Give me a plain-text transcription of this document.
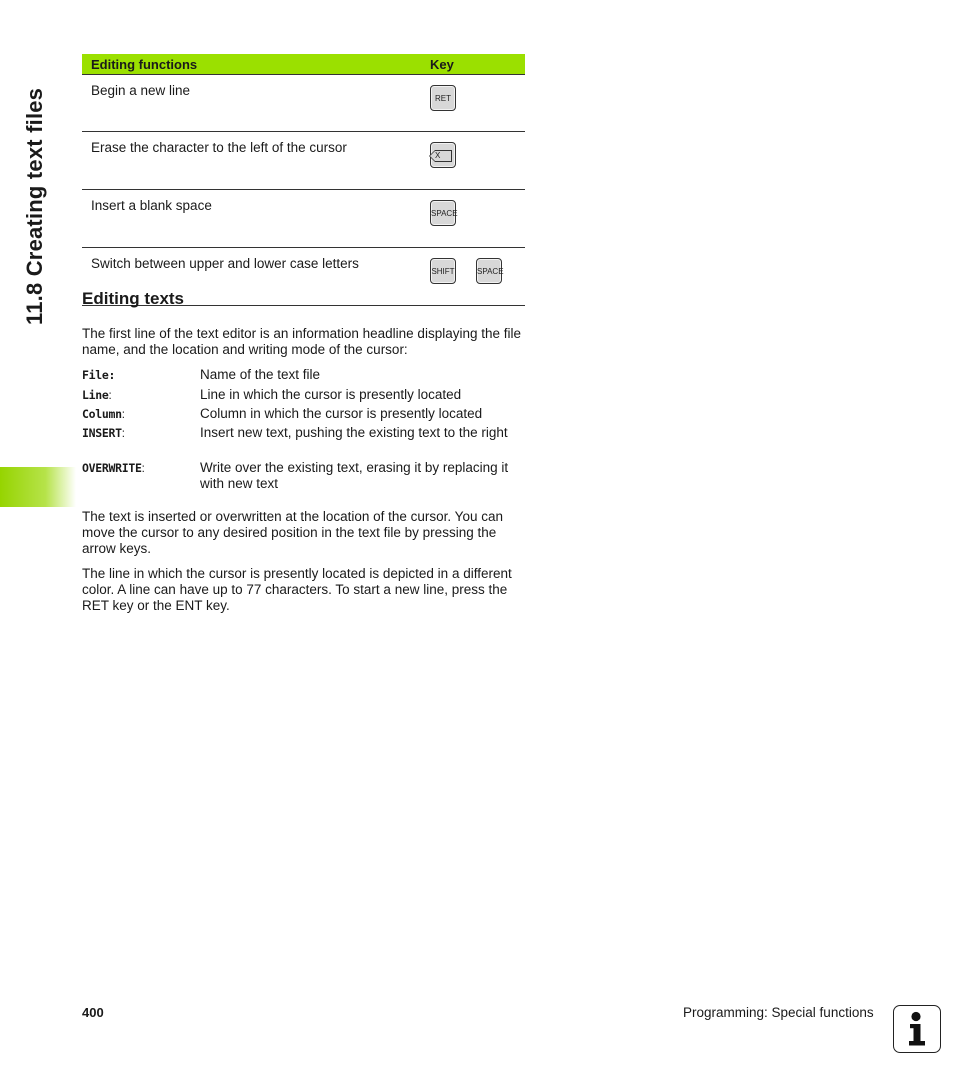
11.8 Creating text files
Editing functions	Key
Begin a new line	RET
Erase the character to the left of the cursor	X
Insert a blank space	SPACE
Switch between upper and lower case letters	SHIFT SPACE
Editing texts

The first line of the text editor is an information headline displaying the file name, and the location and writing mode of the cursor:

File:	Name of the text file
Line:	Line in which the cursor is presently located
Column:	Column in which the cursor is presently located
INSERT:	Insert new text, pushing the existing text to the right
OVERWRITE:	Write over the existing text, erasing it by replacing it with new text

The text is inserted or overwritten at the location of the cursor. You can move the cursor to any desired position in the text file by pressing the arrow keys.

The line in which the cursor is presently located is depicted in a different color. A line can have up to 77 characters. To start a new line, press the RET key or the ENT key.

400	Programming: Special functions
